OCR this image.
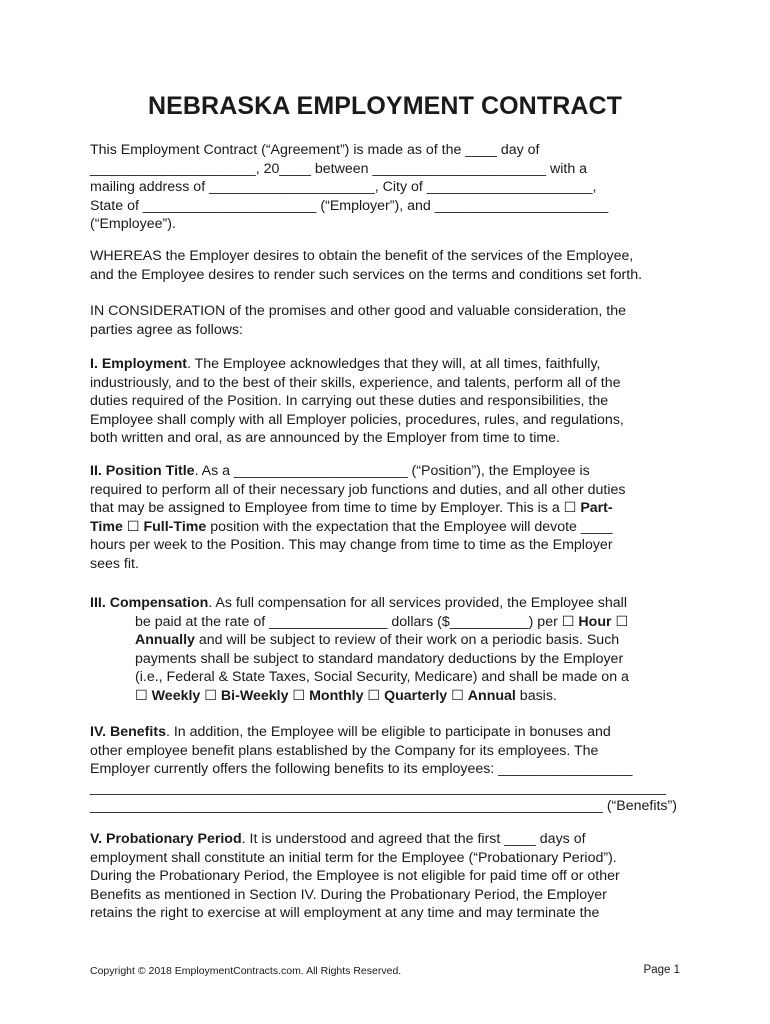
NEBRASKA EMPLOYMENT CONTRACT

This Employment Contract (“Agreement”) is made as of the ____ day of
_____________________, 20____ between ______________________ with a
mailing address of _____________________, City of _____________________,
State of ______________________ (“Employer”), and ______________________
(“Employee”).

WHEREAS the Employer desires to obtain the benefit of the services of the Employee,
and the Employee desires to render such services on the terms and conditions set forth.

IN CONSIDERATION of the promises and other good and valuable consideration, the
parties agree as follows:

I. Employment. The Employee acknowledges that they will, at all times, faithfully,
industriously, and to the best of their skills, experience, and talents, perform all of the
duties required of the Position. In carrying out these duties and responsibilities, the
Employee shall comply with all Employer policies, procedures, rules, and regulations,
both written and oral, as are announced by the Employer from time to time.

II. Position Title. As a ______________________ (“Position”), the Employee is
required to perform all of their necessary job functions and duties, and all other duties
that may be assigned to Employee from time to time by Employer. This is a ☐ Part-
Time ☐ Full-Time position with the expectation that the Employee will devote ____
hours per week to the Position. This may change from time to time as the Employer
sees fit.

III. Compensation. As full compensation for all services provided, the Employee shall
be paid at the rate of _______________ dollars ($__________) per ☐ Hour ☐
Annually and will be subject to review of their work on a periodic basis. Such
payments shall be subject to standard mandatory deductions by the Employer
(i.e., Federal & State Taxes, Social Security, Medicare) and shall be made on a
☐ Weekly ☐ Bi-Weekly ☐ Monthly ☐ Quarterly ☐ Annual basis.

IV. Benefits. In addition, the Employee will be eligible to participate in bonuses and
other employee benefit plans established by the Company for its employees. The
Employer currently offers the following benefits to its employees: _________________
_________________________________________________________________________
_________________________________________________________________ (“Benefits”)

V. Probationary Period. It is understood and agreed that the first ____ days of
employment shall constitute an initial term for the Employee (“Probationary Period”).
During the Probationary Period, the Employee is not eligible for paid time off or other
Benefits as mentioned in Section IV. During the Probationary Period, the Employer
retains the right to exercise at will employment at any time and may terminate the

Copyright © 2018 EmploymentContracts.com. All Rights Reserved.	Page 1
